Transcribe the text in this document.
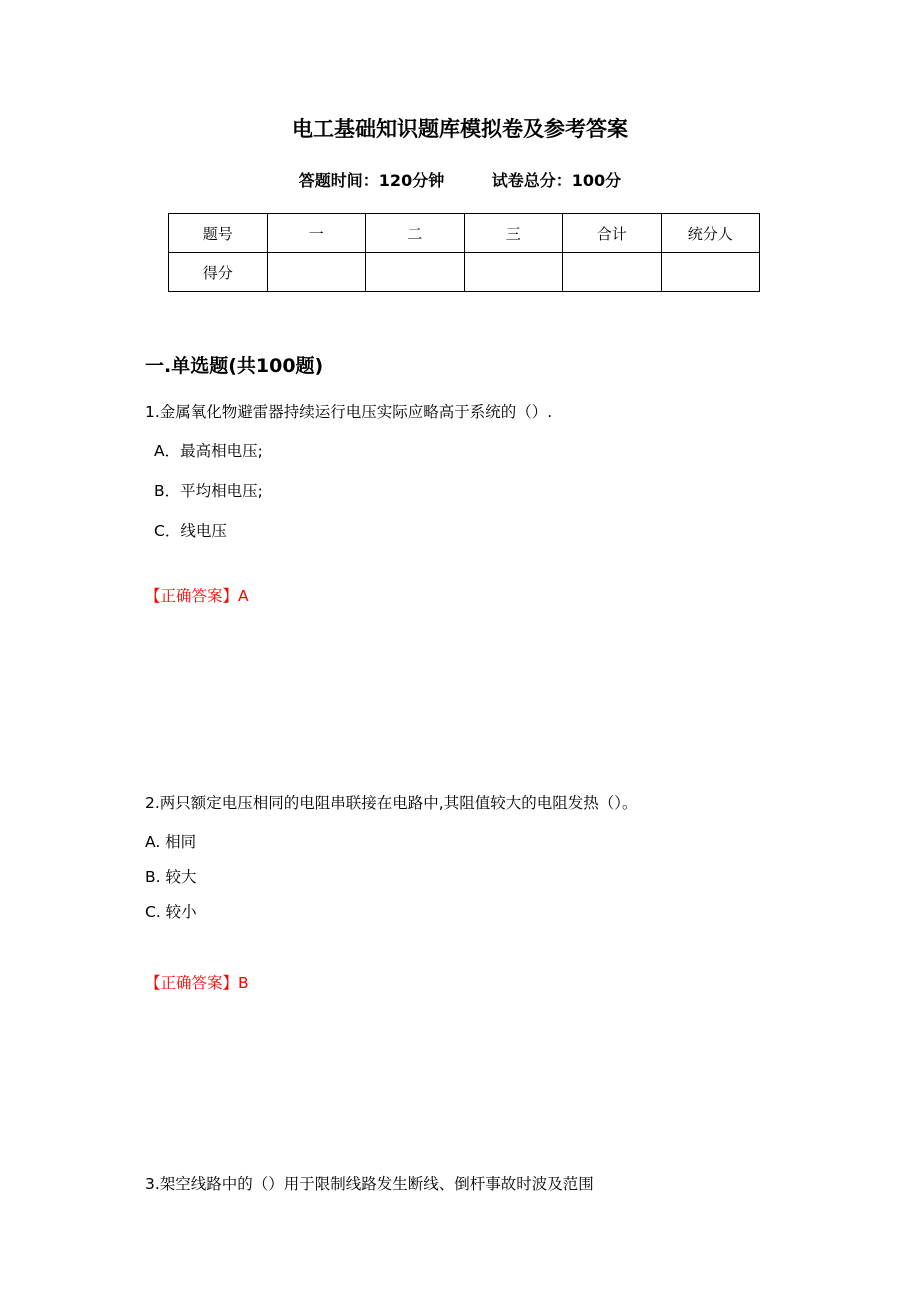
电工基础知识题库模拟卷及参考答案
答题时间：120分钟	试卷总分：100分
题号	一	二	三	合计	统分人
得分					
一.单选题(共100题)

1.金属氧化物避雷器持续运行电压实际应略高于系统的（）.

A．最高相电压;

B．平均相电压;

C．线电压

【正确答案】A

2.两只额定电压相同的电阻串联接在电路中,其阻值较大的电阻发热（）。

A. 相同

B. 较大

C. 较小

【正确答案】B

3.架空线路中的（）用于限制线路发生断线、倒杆事故时波及范围
